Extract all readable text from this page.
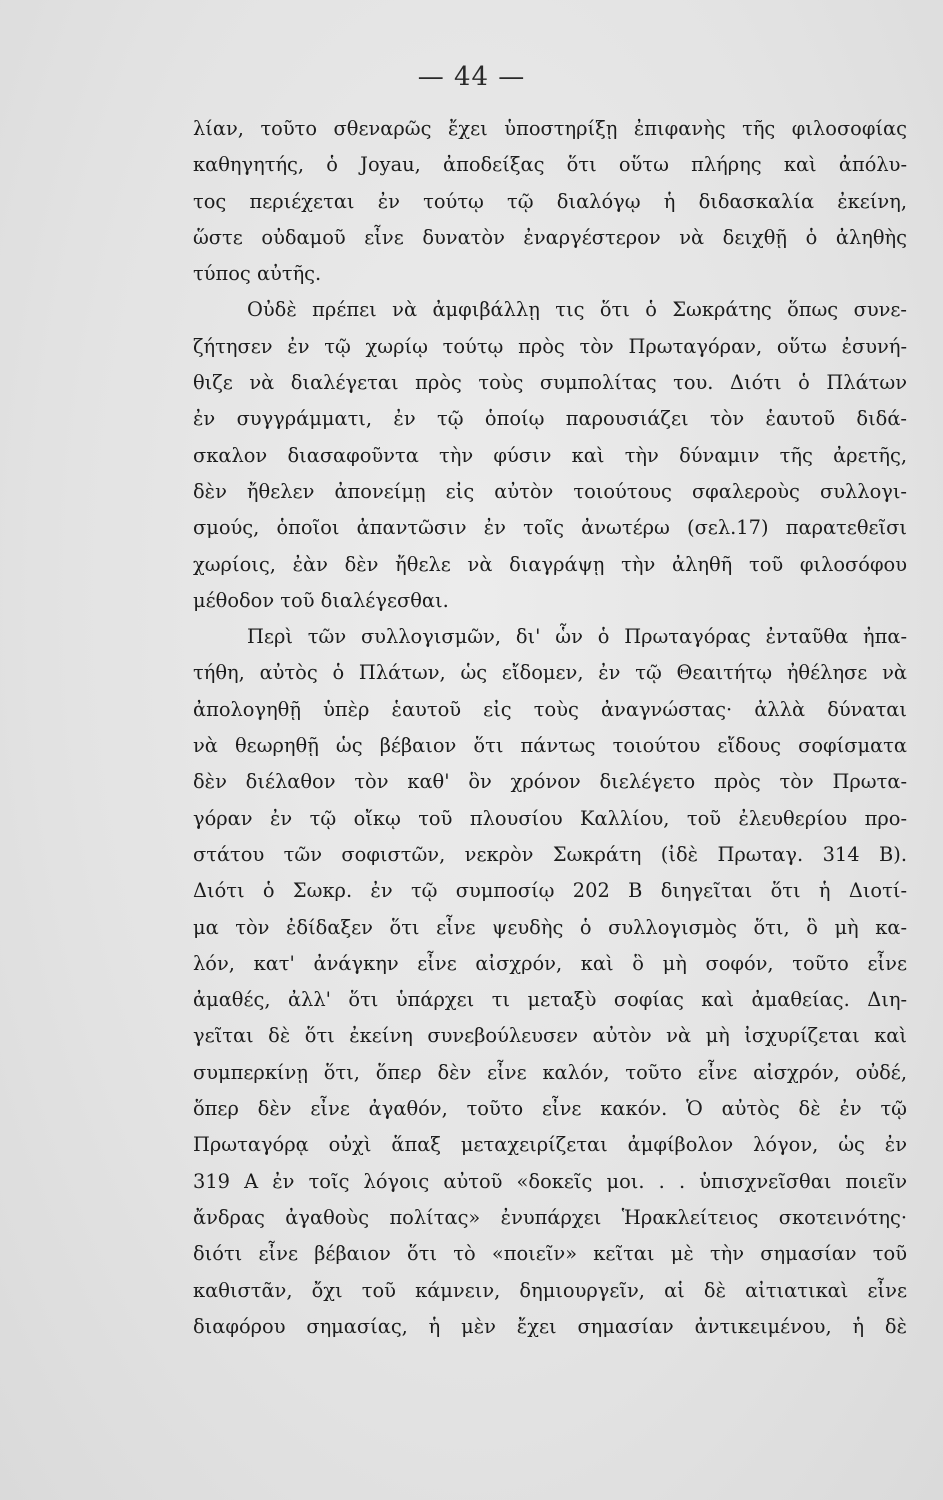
— 44 —
λίαν, τοῦτο σθεναρῶς ἔχει ὑποστηρίξῃ ἐπιφανὴς τῆς φιλοσοφίας
καθηγητής, ὁ Joyau, ἀποδείξας ὅτι οὕτω πλήρης καὶ ἀπόλυ-
τος περιέχεται ἐν τούτῳ τῷ διαλόγῳ ἡ διδασκαλία ἐκείνη,
ὥστε οὐδαμοῦ εἶνε δυνατὸν ἐναργέστερον νὰ δειχθῇ ὁ ἀληθὴς
τύπος αὐτῆς.
Οὐδὲ πρέπει νὰ ἀμφιβάλλῃ τις ὅτι ὁ Σωκράτης ὅπως συνε-
ζήτησεν ἐν τῷ χωρίῳ τούτῳ πρὸς τὸν Πρωταγόραν, οὕτω ἐσυνή-
θιζε νὰ διαλέγεται πρὸς τοὺς συμπολίτας του. Διότι ὁ Πλάτων
ἐν συγγράμματι, ἐν τῷ ὁποίῳ παρουσιάζει τὸν ἑαυτοῦ διδά-
σκαλον διασαφοῦντα τὴν φύσιν καὶ τὴν δύναμιν τῆς ἀρετῆς,
δὲν ἤθελεν ἀπονείμῃ εἰς αὐτὸν τοιούτους σφαλεροὺς συλλογι-
σμούς, ὁποῖοι ἀπαντῶσιν ἐν τοῖς ἀνωτέρω (σελ.17) παρατεθεῖσι
χωρίοις, ἐὰν δὲν ἤθελε νὰ διαγράψῃ τὴν ἀληθῆ τοῦ φιλοσόφου
μέθοδον τοῦ διαλέγεσθαι.
Περὶ τῶν συλλογισμῶν, δι' ὧν ὁ Πρωταγόρας ἐνταῦθα ἠπα-
τήθη, αὐτὸς ὁ Πλάτων, ὡς εἴδομεν, ἐν τῷ Θεαιτήτῳ ἠθέλησε νὰ
ἀπολογηθῇ ὑπὲρ ἑαυτοῦ εἰς τοὺς ἀναγνώστας· ἀλλὰ δύναται
νὰ θεωρηθῇ ὡς βέβαιον ὅτι πάντως τοιούτου εἴδους σοφίσματα
δὲν διέλαθον τὸν καθ' ὃν χρόνον διελέγετο πρὸς τὸν Πρωτα-
γόραν ἐν τῷ οἴκῳ τοῦ πλουσίου Καλλίου, τοῦ ἐλευθερίου προ-
στάτου τῶν σοφιστῶν, νεκρὸν Σωκράτη (ἰδὲ Πρωταγ. 314 Β).
Διότι ὁ Σωκρ. ἐν τῷ συμποσίῳ 202 Β διηγεῖται ὅτι ἡ Διοτί-
μα τὸν ἐδίδαξεν ὅτι εἶνε ψευδὴς ὁ συλλογισμὸς ὅτι, ὃ μὴ κα-
λόν, κατ' ἀνάγκην εἶνε αἰσχρόν, καὶ ὃ μὴ σοφόν, τοῦτο εἶνε
ἀμαθές, ἀλλ' ὅτι ὑπάρχει τι μεταξὺ σοφίας καὶ ἀμαθείας. Διη-
γεῖται δὲ ὅτι ἐκείνη συνεβούλευσεν αὐτὸν νὰ μὴ ἰσχυρίζεται καὶ
συμπερκίνῃ ὅτι, ὅπερ δὲν εἶνε καλόν, τοῦτο εἶνε αἰσχρόν, οὐδέ,
ὅπερ δὲν εἶνε ἀγαθόν, τοῦτο εἶνε κακόν. Ὁ αὐτὸς δὲ ἐν τῷ
Πρωταγόρᾳ οὐχὶ ἅπαξ μεταχειρίζεται ἀμφίβολον λόγον, ὡς ἐν
319 Α ἐν τοῖς λόγοις αὐτοῦ «δοκεῖς μοι. . . ὑπισχνεῖσθαι ποιεῖν
ἄνδρας ἀγαθοὺς πολίτας» ἐνυπάρχει Ἡρακλείτειος σκοτεινότης·
διότι εἶνε βέβαιον ὅτι τὸ «ποιεῖν» κεῖται μὲ τὴν σημασίαν τοῦ
καθιστᾶν, ὄχι τοῦ κάμνειν, δημιουργεῖν, αἱ δὲ αἰτιατικαὶ εἶνε
διαφόρου σημασίας, ἡ μὲν ἔχει σημασίαν ἀντικειμένου, ἡ δὲ
